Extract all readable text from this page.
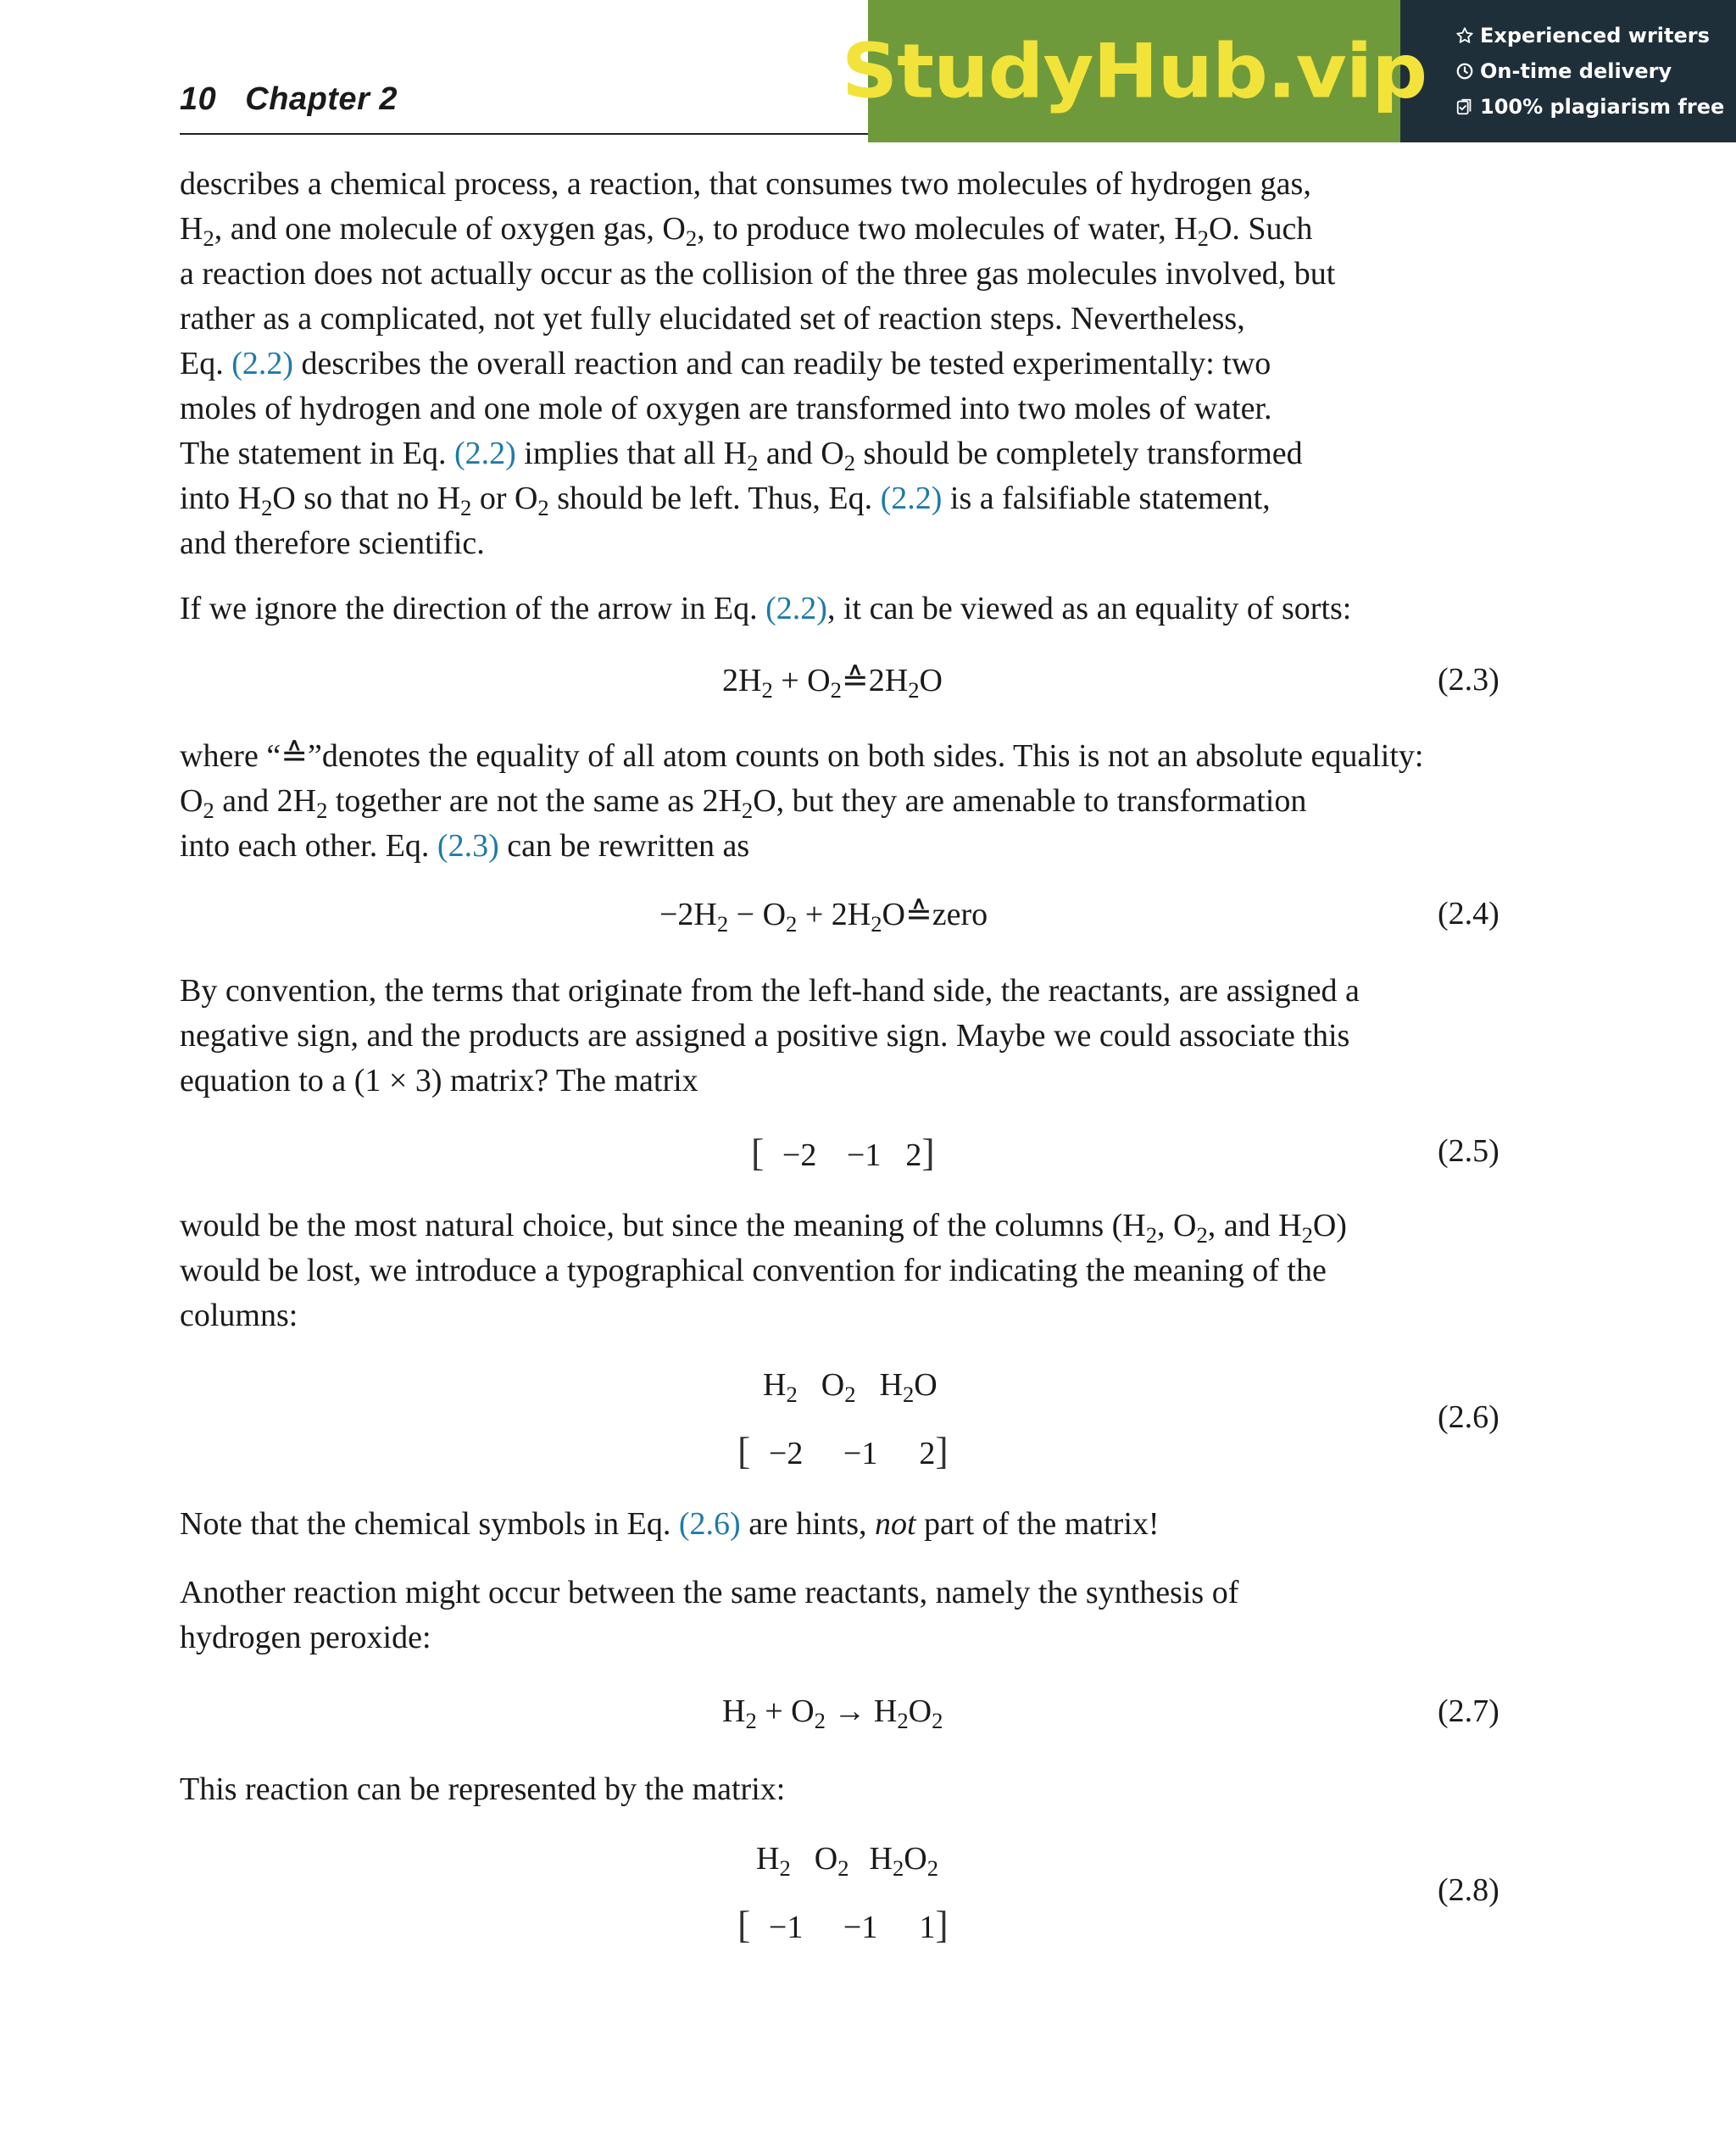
10 Chapter 2	StudyHub.vip	Experienced writers
On-time delivery
100% plagiarism free
describes a chemical process, a reaction, that consumes two molecules of hydrogen gas,
$H_2$, and one molecule of oxygen gas, $O_2$, to produce two molecules of water, $H_2O$. Such
a reaction does not actually occur as the collision of the three gas molecules involved, but
rather as a complicated, not yet fully elucidated set of reaction steps. Nevertheless,
Eq. (2.2) describes the overall reaction and can readily be tested experimentally: two
moles of hydrogen and one mole of oxygen are transformed into two moles of water.
The statement in Eq. (2.2) implies that all $H_2$ and $O_2$ should be completely transformed
into $H_2O$ so that no $H_2$ or $O_2$ should be left. Thus, Eq. (2.2) is a falsifiable statement,
and therefore scientific.
If we ignore the direction of the arrow in Eq. (2.2), it can be viewed as an equality of sorts:
$2H_2$ + $O_2≙2H_2O$	(2.3)
where “≙”denotes the equality of all atom counts on both sides. This is not an absolute equality:
$O_2$ and $2H_2$ together are not the same as $2H_2O$, but they are amenable to transformation
into each other. Eq. (2.3) can be rewritten as
$-2H_2 - O_2$ + $2H_2O≙zero$	(2.4)
By convention, the terms that originate from the left-hand side, the reactants, are assigned a
negative sign, and the products are assigned a positive sign. Maybe we could associate this
equation to a (1 × 3) matrix? The matrix
[ −2 −1 2]	(2.5)
would be the most natural choice, but since the meaning of the columns ($H_2$, $O_2$, and $H_2O$)
would be lost, we introduce a typographical convention for indicating the meaning of the
columns:
$H_2$ $O_2$ $H_2O$
[ −2 −1 2]
(2.6)
Note that the chemical symbols in Eq. (2.6) are hints, not part of the matrix!
Another reaction might occur between the same reactants, namely the synthesis of
hydrogen peroxide:
$H_2 + O_2 \to H_2O_2$	(2.7)
This reaction can be represented by the matrix:
$H_2$ $O_2$ $H_2O_2$
[ −1 −1 1]
(2.8)
